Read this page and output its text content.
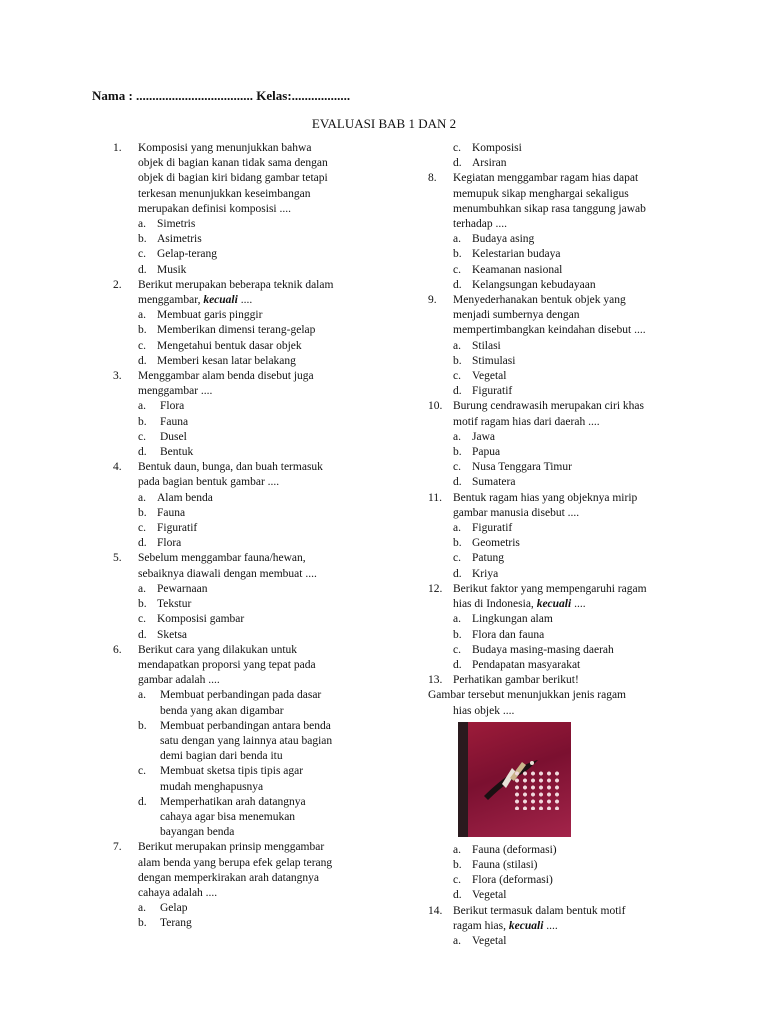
Nama : .................................... Kelas:..................
EVALUASI BAB 1 DAN 2
1. Komposisi yang menunjukkan bahwa
objek di bagian kanan tidak sama dengan
objek di bagian kiri bidang gambar tetapi
terkesan menunjukkan keseimbangan
merupakan definisi komposisi ....
a. Simetris
b. Asimetris
c. Gelap-terang
d. Musik
2. Berikut merupakan beberapa teknik dalam
menggambar, kecuali ....
a. Membuat garis pinggir
b. Memberikan dimensi terang-gelap
c. Mengetahui bentuk dasar objek
d. Memberi kesan latar belakang
3. Menggambar alam benda disebut juga
menggambar ....
a. Flora
b. Fauna
c. Dusel
d. Bentuk
4. Bentuk daun, bunga, dan buah termasuk
pada bagian bentuk gambar ....
a. Alam benda
b. Fauna
c. Figuratif
d. Flora
5. Sebelum menggambar fauna/hewan,
sebaiknya diawali dengan membuat ....
a. Pewarnaan
b. Tekstur
c. Komposisi gambar
d. Sketsa
6. Berikut cara yang dilakukan untuk
mendapatkan proporsi yang tepat pada
gambar adalah ....
a. Membuat perbandingan pada dasar
benda yang akan digambar
b. Membuat perbandingan antara benda
satu dengan yang lainnya atau bagian
demi bagian dari benda itu
c. Membuat sketsa tipis tipis agar
mudah menghapusnya
d. Memperhatikan arah datangnya
cahaya agar bisa menemukan
bayangan benda
7. Berikut merupakan prinsip menggambar
alam benda yang berupa efek gelap terang
dengan memperkirakan arah datangnya
cahaya adalah ....
a. Gelap
b. Terang
c. Komposisi
d. Arsiran
8. Kegiatan menggambar ragam hias dapat
memupuk sikap menghargai sekaligus
menumbuhkan sikap rasa tanggung jawab
terhadap ....
a. Budaya asing
b. Kelestarian budaya
c. Keamanan nasional
d. Kelangsungan kebudayaan
9. Menyederhanakan bentuk objek yang
menjadi sumbernya dengan
mempertimbangkan keindahan disebut ....
a. Stilasi
b. Stimulasi
c. Vegetal
d. Figuratif
10. Burung cendrawasih merupakan ciri khas
motif ragam hias dari daerah ....
a. Jawa
b. Papua
c. Nusa Tenggara Timur
d. Sumatera
11. Bentuk ragam hias yang objeknya mirip
gambar manusia disebut ....
a. Figuratif
b. Geometris
c. Patung
d. Kriya
12. Berikut faktor yang mempengaruhi ragam
hias di Indonesia, kecuali ....
a. Lingkungan alam
b. Flora dan fauna
c. Budaya masing-masing daerah
d. Pendapatan masyarakat
13. Perhatikan gambar berikut!
Gambar tersebut menunjukkan jenis ragam
hias objek ....
a. Fauna (deformasi)
b. Fauna (stilasi)
c. Flora (deformasi)
d. Vegetal
14. Berikut termasuk dalam bentuk motif
ragam hias, kecuali ....
a. Vegetal
